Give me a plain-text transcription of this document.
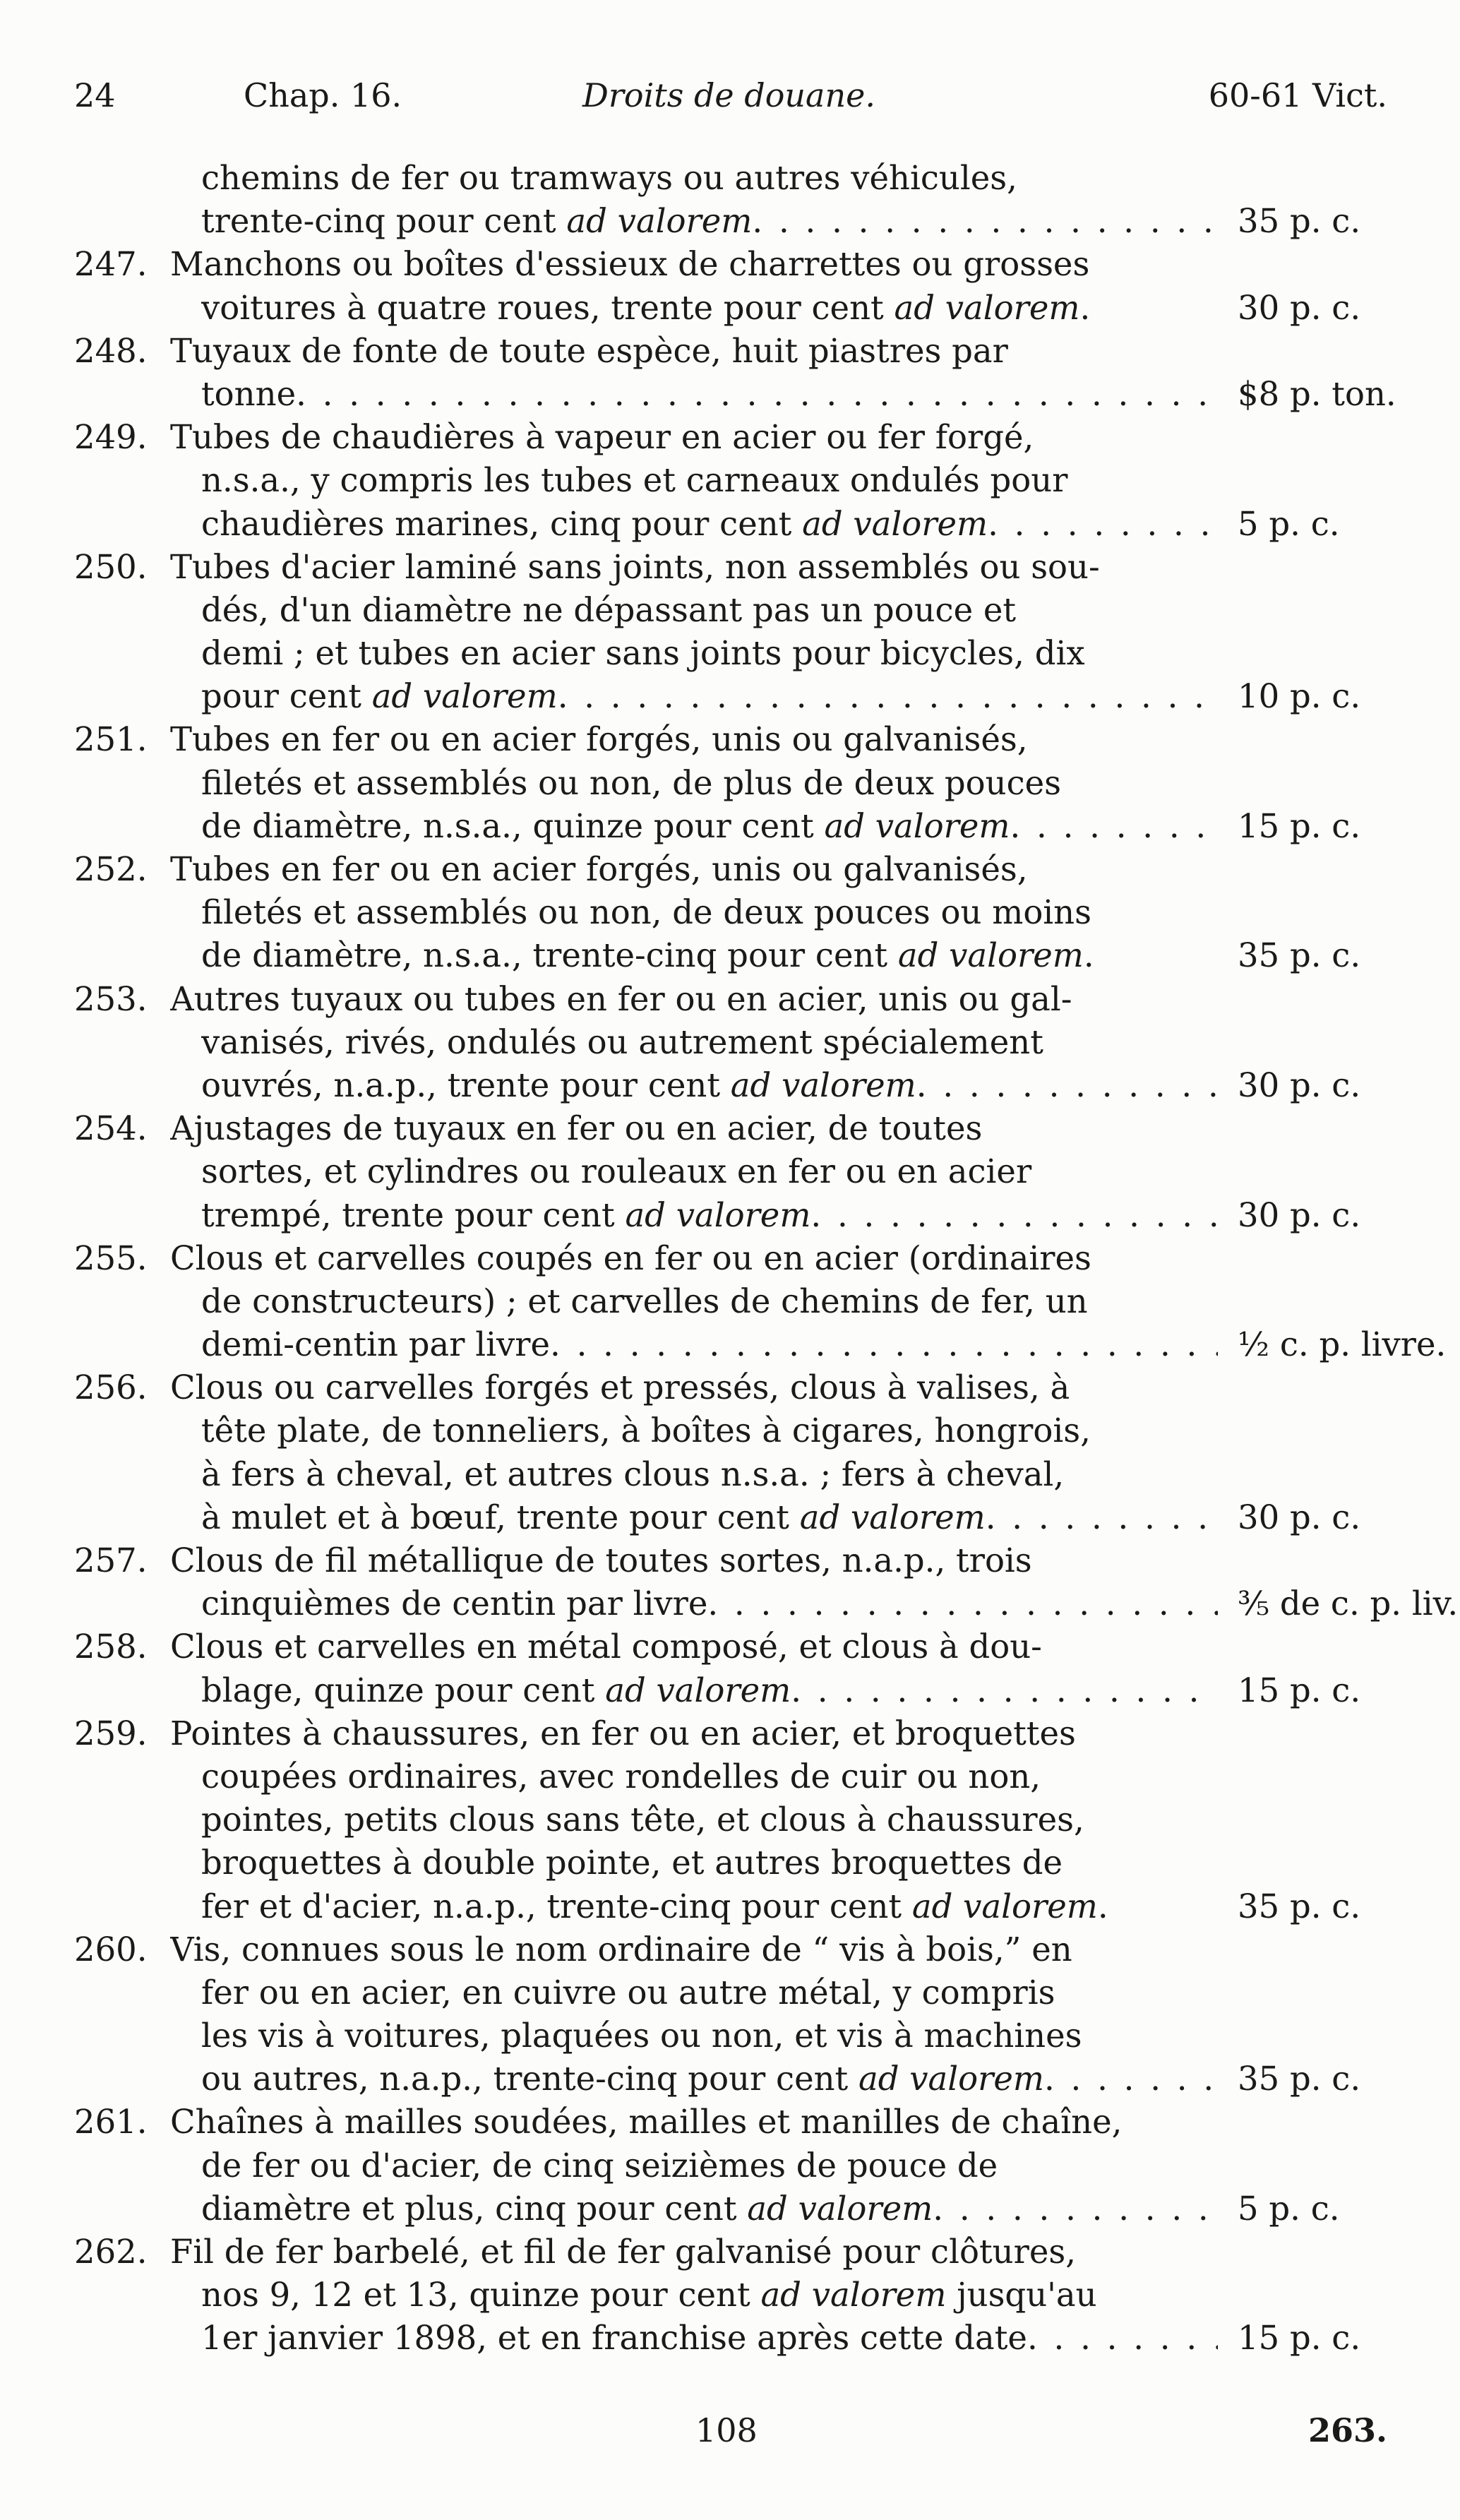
24	Chap. 16.	Droits de douane.	60-61 Vict.
chemins de fer ou tramways ou autres véhicules,
trente-cinq pour cent ad valorem . . .	35 p. c.
247. Manchons ou boîtes d'essieux de charrettes ou grosses
voitures à quatre roues, trente pour cent ad valorem.	30 p. c.
248. Tuyaux de fonte de toute espèce, huit piastres par
tonne . . .	$8 p. ton.
249. Tubes de chaudières à vapeur en acier ou fer forgé,
n.s.a., y compris les tubes et carneaux ondulés pour
chaudières marines, cinq pour cent ad valorem . . .	5 p. c.
250. Tubes d'acier laminé sans joints, non assemblés ou sou-
dés, d'un diamètre ne dépassant pas un pouce et
demi ; et tubes en acier sans joints pour bicycles, dix
pour cent ad valorem . . .	10 p. c.
251. Tubes en fer ou en acier forgés, unis ou galvanisés,
filetés et assemblés ou non, de plus de deux pouces
de diamètre, n.s.a., quinze pour cent ad valorem . . .	15 p. c.
252. Tubes en fer ou en acier forgés, unis ou galvanisés,
filetés et assemblés ou non, de deux pouces ou moins
de diamètre, n.s.a., trente-cinq pour cent ad valorem.	35 p. c.
253. Autres tuyaux ou tubes en fer ou en acier, unis ou gal-
vanisés, rivés, ondulés ou autrement spécialement
ouvrés, n.a.p., trente pour cent ad valorem . . .	30 p. c.
254. Ajustages de tuyaux en fer ou en acier, de toutes
sortes, et cylindres ou rouleaux en fer ou en acier
trempé, trente pour cent ad valorem . . .	30 p. c.
255. Clous et carvelles coupés en fer ou en acier (ordinaires
de constructeurs) ; et carvelles de chemins de fer, un
demi-centin par livre . . .	½ c. p. livre.
256. Clous ou carvelles forgés et pressés, clous à valises, à
tête plate, de tonneliers, à boîtes à cigares, hongrois,
à fers à cheval, et autres clous n.s.a. ; fers à cheval,
à mulet et à bœuf, trente pour cent ad valorem . . .	30 p. c.
257. Clous de fil métallique de toutes sortes, n.a.p., trois
cinquièmes de centin par livre . . .	⅗ de c. p. liv.
258. Clous et carvelles en métal composé, et clous à dou-
blage, quinze pour cent ad valorem . . .	15 p. c.
259. Pointes à chaussures, en fer ou en acier, et broquettes
coupées ordinaires, avec rondelles de cuir ou non,
pointes, petits clous sans tête, et clous à chaussures,
broquettes à double pointe, et autres broquettes de
fer et d'acier, n.a.p., trente-cinq pour cent ad valorem.	35 p. c.
260. Vis, connues sous le nom ordinaire de “ vis à bois,” en
fer ou en acier, en cuivre ou autre métal, y compris
les vis à voitures, plaquées ou non, et vis à machines
ou autres, n.a.p., trente-cinq pour cent ad valorem . . .	35 p. c.
261. Chaînes à mailles soudées, mailles et manilles de chaîne,
de fer ou d'acier, de cinq seizièmes de pouce de
diamètre et plus, cinq pour cent ad valorem . . .	5 p. c.
262. Fil de fer barbelé, et fil de fer galvanisé pour clôtures,
nos 9, 12 et 13, quinze pour cent ad valorem jusqu'au
1er janvier 1898, et en franchise après cette date . . .	15 p. c.
108	263.
